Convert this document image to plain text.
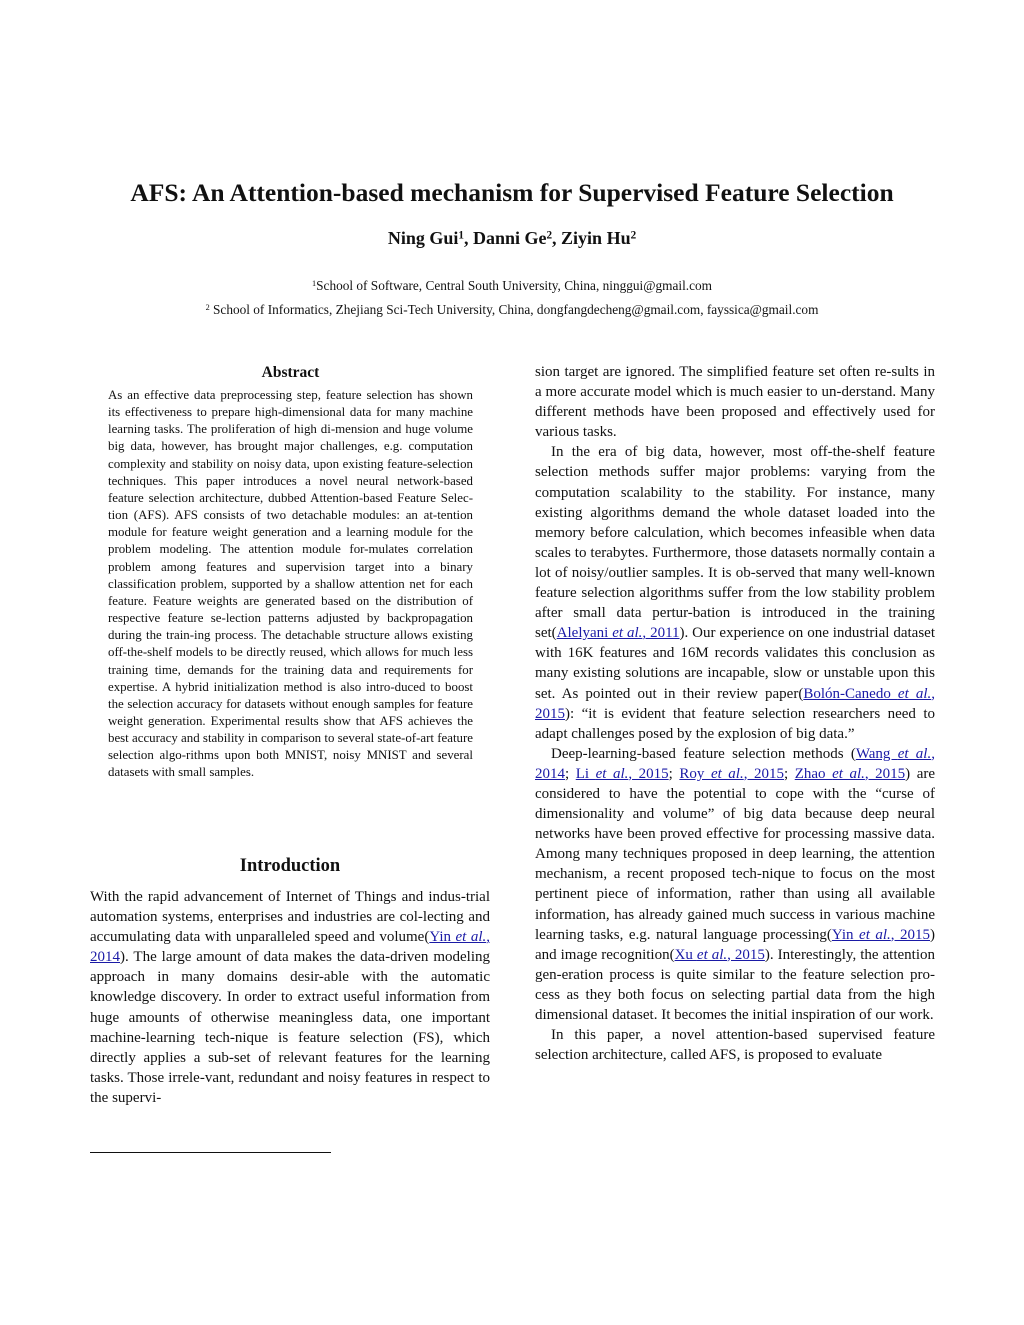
AFS: An Attention-based mechanism for Supervised Feature Selection
Ning Gui$^1$, Danni Ge$^2$, Ziyin Hu$^2$
$^1$School of Software, Central South University, China, ninggui@gmail.com
$^2$ School of Informatics, Zhejiang Sci-Tech University, China, dongfangdecheng@gmail.com, fayssica@gmail.com
Abstract
As an effective data preprocessing step, feature selection has shown its effectiveness to prepare high-dimensional data for many machine learning tasks. The proliferation of high di-mension and huge volume big data, however, has brought major challenges, e.g. computation complexity and stability on noisy data, upon existing feature-selection techniques. This paper introduces a novel neural network-based feature selection architecture, dubbed Attention-based Feature Selec-tion (AFS). AFS consists of two detachable modules: an at-tention module for feature weight generation and a learning module for the problem modeling. The attention module for-mulates correlation problem among features and supervision target into a binary classification problem, supported by a shallow attention net for each feature. Feature weights are generated based on the distribution of respective feature se-lection patterns adjusted by backpropagation during the train-ing process. The detachable structure allows existing off-the-shelf models to be directly reused, which allows for much less training time, demands for the training data and requirements for expertise. A hybrid initialization method is also intro-duced to boost the selection accuracy for datasets without enough samples for feature weight generation. Experimental results show that AFS achieves the best accuracy and stability in comparison to several state-of-art feature selection algo-rithms upon both MNIST, noisy MNIST and several datasets with small samples.
Introduction
With the rapid advancement of Internet of Things and indus-trial automation systems, enterprises and industries are col-lecting and accumulating data with unparalleled speed and volume(Yin et al., 2014). The large amount of data makes the data-driven modeling approach in many domains desir-able with the automatic knowledge discovery. In order to extract useful information from huge amounts of otherwise meaningless data, one important machine-learning tech-nique is feature selection (FS), which directly applies a sub-set of relevant features for the learning tasks. Those irrele-vant, redundant and noisy features in respect to the supervi-

sion target are ignored. The simplified feature set often re-sults in a more accurate model which is much easier to un-derstand. Many different methods have been proposed and effectively used for various tasks.

In the era of big data, however, most off-the-shelf feature selection methods suffer major problems: varying from the computation scalability to the stability. For instance, many existing algorithms demand the whole dataset loaded into the memory before calculation, which becomes infeasible when data scales to terabytes. Furthermore, those datasets normally contain a lot of noisy/outlier samples. It is ob-served that many well-known feature selection algorithms suffer from the low stability problem after small data pertur-bation is introduced in the training set(Alelyani et al., 2011). Our experience on one industrial dataset with 16K features and 16M records validates this conclusion as many existing solutions are incapable, slow or unstable upon this set. As pointed out in their review paper(Bolón-Canedo et al., 2015): “it is evident that feature selection researchers need to adapt challenges posed by the explosion of big data.”

Deep-learning-based feature selection methods (Wang et al., 2014; Li et al., 2015; Roy et al., 2015; Zhao et al., 2015) are considered to have the potential to cope with the “curse of dimensionality and volume” of big data because deep neural networks have been proved effective for processing massive data. Among many techniques proposed in deep learning, the attention mechanism, a recent proposed tech-nique to focus on the most pertinent piece of information, rather than using all available information, has already gained much success in various machine learning tasks, e.g. natural language processing(Yin et al., 2015) and image recognition(Xu et al., 2015). Interestingly, the attention gen-eration process is quite similar to the feature selection pro-cess as they both focus on selecting partial data from the high dimensional dataset. It becomes the initial inspiration of our work.

In this paper, a novel attention-based supervised feature selection architecture, called AFS, is proposed to evaluate
